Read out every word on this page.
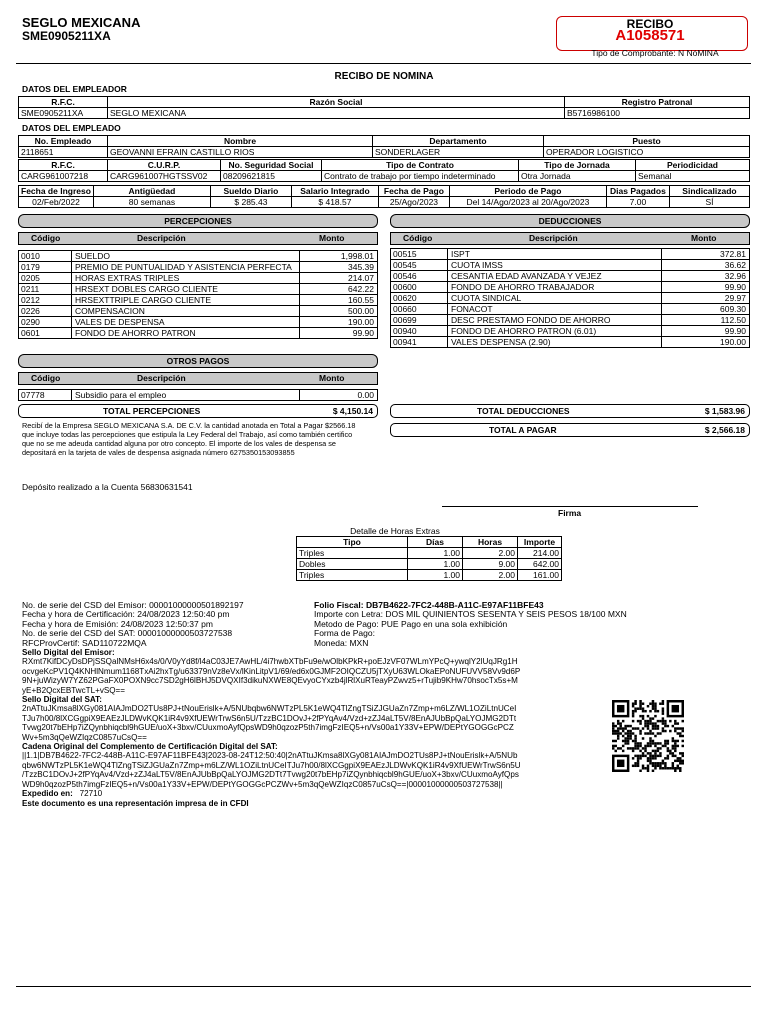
SEGLO MEXICANA
SME0905211XA
RECIBO
A1058571
Tipo de Comprobante: N NóMINA
RECIBO DE NOMINA
DATOS DEL EMPLEADOR
R.F.C.	Razón Social	Registro Patronal
SME0905211XA	SEGLO MEXICANA	B5716986100
DATOS DEL EMPLEADO
No. Empleado	Nombre	Departamento	Puesto
2118651	GEOVANNI EFRAIN CASTILLO RIOS	SONDERLAGER	OPERADOR LOGISTICO
R.F.C.	C.U.R.P.	No. Seguridad Social	Tipo de Contrato	Tipo de Jornada	Periodicidad
CARG961007218	CARG961007HGTSSV02	08209621815	Contrato de trabajo por tiempo indeterminado	Otra Jornada	Semanal
Fecha de Ingreso	Antigüedad	Sueldo Diario	Salario Integrado	Fecha de Pago	Periodo de Pago	Dias Pagados	Sindicalizado
02/Feb/2022	80 semanas	$ 285.43	$ 418.57	25/Ago/2023	Del 14/Ago/2023 al 20/Ago/2023	7.00	SÍ
PERCEPCIONES
Código	Descripción	Monto
0010	SUELDO	1,998.01
0179	PREMIO DE PUNTUALIDAD Y ASISTENCIA PERFECTA	345.39
0205	HORAS EXTRAS TRIPLES	214.07
0211	HRSEXT DOBLES CARGO CLIENTE	642.22
0212	HRSEXTTRIPLE CARGO CLIENTE	160.55
0226	COMPENSACION	500.00
0290	VALES DE DESPENSA	190.00
0601	FONDO DE AHORRO PATRON	99.90
OTROS PAGOS
Código	Descripción	Monto
07778	Subsidio para el empleo	0.00
TOTAL PERCEPCIONES	$ 4,150.14
DEDUCCIONES
Código	Descripción	Monto
00515	ISPT	372.81
00545	CUOTA IMSS	36.62
00546	CESANTIA EDAD AVANZADA Y VEJEZ	32.96
00600	FONDO DE AHORRO TRABAJADOR	99.90
00620	CUOTA SINDICAL	29.97
00660	FONACOT	609.30
00699	DESC PRESTAMO FONDO DE AHORRO	112.50
00940	FONDO DE AHORRO PATRON (6.01)	99.90
00941	VALES DESPENSA (2.90)	190.00
TOTAL DEDUCCIONES	$ 1,583.96
TOTAL A PAGAR	$ 2,566.18
Recibí de la Empresa SEGLO MEXICANA S.A. DE C.V. la cantidad anotada en Total a Pagar $2566.18
que incluye todas las percepciones que estipula la Ley Federal del Trabajo, así como también certifico
que no se me adeuda cantidad alguna por otro concepto. El importe de los vales de despensa se
depositará en la tarjeta de vales de despensa asignada número 6275350153093855
Depósito realizado a la Cuenta 56830631541
Firma
Detalle de Horas Extras
Tipo	Días	Horas	Importe
Triples	1.00	2.00	214.00
Dobles	1.00	9.00	642.00
Triples	1.00	2.00	161.00
No. de serie del CSD del Emisor: 00001000000501892197
Fecha y hora de Certificación: 24/08/2023 12:50:40 pm
Fecha y hora de Emisión: 24/08/2023 12:50:37 pm
No. de serie del CSD del SAT: 00001000000503727538
RFCProvCertif: SAD110722MQA
Folio Fiscal: DB7B4622-7FC2-448B-A11C-E97AF11BFE43
Importe con Letra: DOS MIL QUINIENTOS SESENTA Y SEIS PESOS 18/100 MXN
Metodo de Pago: PUE Pago en una sola exhibición
Forma de Pago:
Moneda: MXN
Sello Digital del Emisor:
RXmt7KifDCyDsDPjSSQalNMsH6x4s/0/V0yYd8f/l4aC03JE7AwHL/4i7hwbXTbFu9e/wOlbKPkR+poEJzVF07WLmYPcQ+ywqlY2lUqJRg1H
ocvgeKcPV1Q4KNHlNmum1168TxAi2hxTg/u63379nVz8eVx/lKinLitpV1/69/ed6x0GJMF2OIQCZU5jTXyU63WLOkaEPoNUFUVV58Vv9d6P
9N+juWizyW7YZ62PGaFX0POXN9cc7SD2gH6lBHJ5DVQXIf3dikuNXWE8QEvyoCYxzb4jlRlXuRTeayPZwvz5+rTujib9KHw70hsocTx5s+M
yE+B2QcxEBTwcTL+vSQ==
Sello Digital del SAT:
2nATtuJKmsa8lXGy081AIAJmDO2TUs8PJ+tNouErislk+A/5NUbqbw6NWTzPL5K1eWQ4TlZngTSiZJGUaZn7Zmp+m6LZ/WL1OZiLtnUCeI
TJu7h00/8lXCGgpiX9EAEzJLDWvKQK1iR4v9XfUEWrTrwS6n5U/TzzBC1DOvJ+2fPYqAv4/Vzd+zZJ4aLT5V/8EnAJUbBpQaLYOJMG2DTt
Tvwg20t7bEHp7iZQynbhiqcbl9hGUE/uoX+3bxv/CUuxmoAyfQpsWD9h0qzozP5th7imgFzIEQ5+n/Vs00a1Y33V+EPW/DEPtYGOGGcPCZ
Wv+5m3qQeWZIqzC0857uCsQ==
Cadena Original del Complemento de Certificación Digital del SAT:
||1.1|DB7B4622-7FC2-448B-A11C-E97AF11BFE43|2023-08-24T12:50:40|2nATtuJKmsa8lXGy081AIAJmDO2TUs8PJ+tNouErislk+A/5NUb
qbw6NWTzPL5K1eWQ4TlZngTSiZJGUaZn7Zmp+m6LZ/WL1OZiLtnUCeITJu7h00/8lXCGgpiX9EAEzJLDWvKQK1iR4v9XfUEWrTrwS6n5U
/TzzBC1DOvJ+2fPYqAv4/Vzd+zZJ4aLT5V/8EnAJUbBpQaLYOJMG2DTt7Tvwg20t7bEHp7iZQynbhiqcbl9hGUE/uoX+3bxv/CUuxmoAyfQps
WD9h0qzozP5th7imgFzIEQ5+n/Vs00a1Y33V+EPW/DEPtYGOGGcPCZWv+5m3qQeWZIqzC0857uCsQ==|00001000000503727538||
Expedido en: 72710
Este documento es una representación impresa de in CFDI
